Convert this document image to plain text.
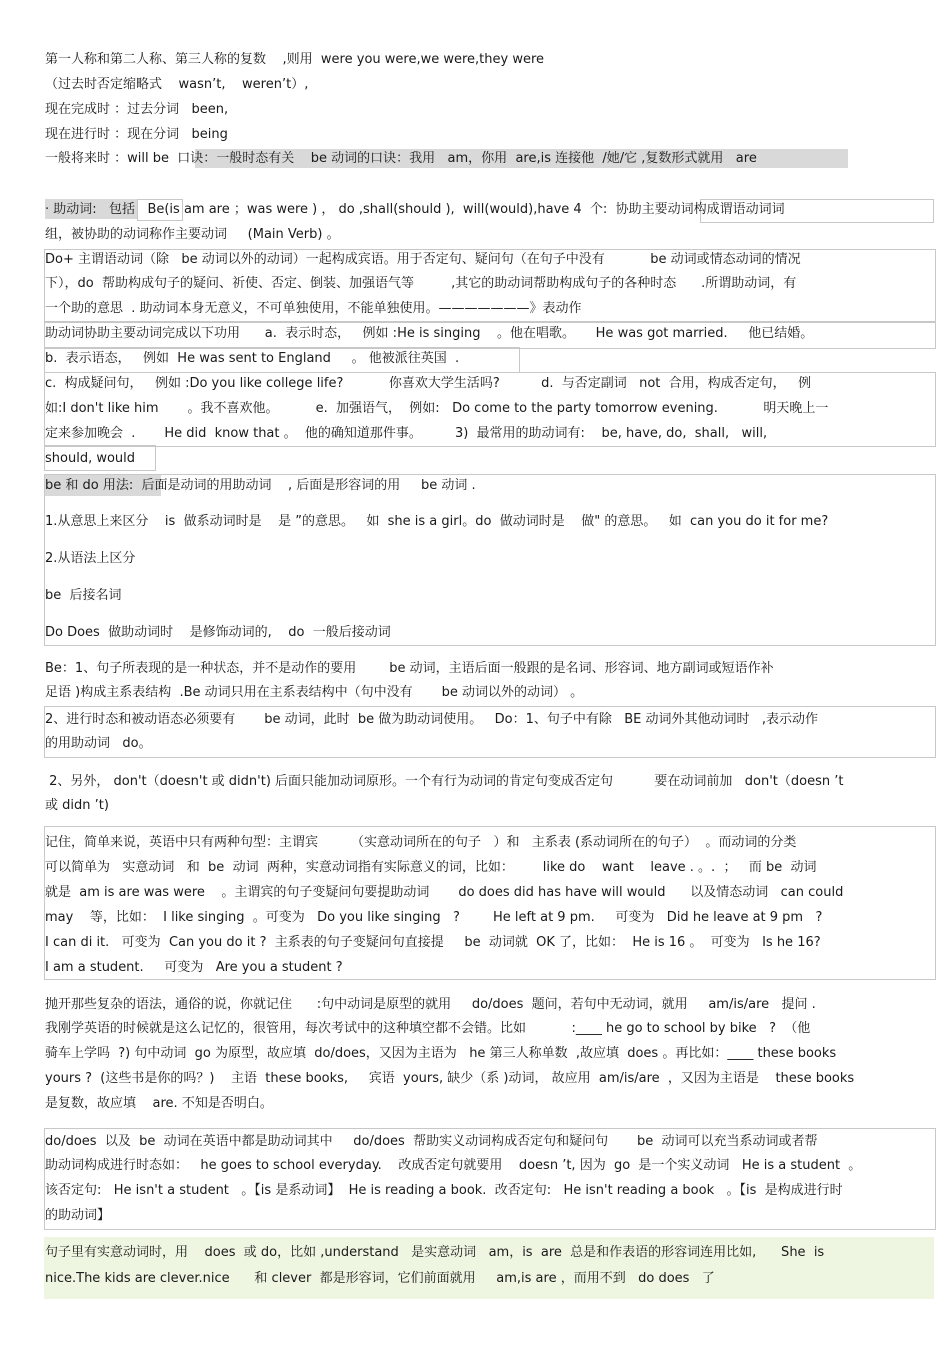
第一人称和第二人称、第三人称的复数    ,则用  were you were,we were,they were
（过去时否定缩略式    wasn’t,    weren’t）,
现在完成时 ：过去分词   been,
现在进行时 ：现在分词   being
一般将来时 ：will be  口诀：一般时态有关    be 动词的口诀：我用   am，你用  are,is 连接他  /她/它 ,复数形式就用   are
· 助动词:   包括   Be(is am are ；was were ) ， do ,shall(should ),  will(would),have 4  个:  协助主要动词构成谓语动词词
组，被协助的动词称作主要动词     (Main Verb) 。
Do+ 主谓语动词（除   be 动词以外的动词）一起构成宾语。用于否定句、疑问句（在句子中没有           be 动词或情态动词的情况
下），do  帮助构成句子的疑问、祈使、否定、倒装、加强语气等         ,其它的助动词帮助构成句子的各种时态      .所谓助动词，有
一个助的意思  . 助动词本身无意义，不可单独使用，不能单独使用。———————》表动作
助动词协助主要动词完成以下功用      a.  表示时态，   例如 :He is singing    。他在唱歌。     He was got married.     他已结婚。
b.  表示语态，   例如  He was sent to England     。 他被派往英国  .
c.  构成疑问句，   例如 :Do you like college life?           你喜欢大学生活吗?          d.  与否定副词   not  合用，构成否定句，   例
如:I don't like him       。我不喜欢他。         e.  加强语气，  例如:   Do come to the party tomorrow evening.           明天晚上一
定来参加晚会  .       He did  know that 。  他的确知道那件事。        3)  最常用的助动词有:    be, have, do,  shall,   will,
should, would
be 和 do 用法:  后面是动词的用助动词    , 后面是形容词的用     be 动词 .
1.从意思上来区分    is  做系动词时是    是 ”的意思。   如  she is a girl。do  做动词时是    做" 的意思。   如  can you do it for me?
2.从语法上区分
be  后接名词
Do Does  做助动词时    是修饰动词的,    do  一般后接动词
Be：1、句子所表现的是一种状态，并不是动作的要用        be 动词，主语后面一般跟的是名词、形容词、地方副词或短语作补
足语 )构成主系表结构  .Be 动词只用在主系表结构中（句中没有       be 动词以外的动词） 。
2、进行时态和被动语态必须要有       be 动词，此时  be 做为助动词使用。   Do：1、句子中有除   BE 动词外其他动词时   ,表示动作
的用助动词   do。
2、另外， don't（doesn't 或 didn't) 后面只能加动词原形。一个有行为动词的肯定句变成否定句          要在动词前加   don't（doesn ’t
或 didn ’t)
记住，简单来说，英语中只有两种句型：主谓宾        （实意动词所在的句子   ）和   主系表 (系动词所在的句子）  。而动词的分类
可以简单为   实意动词   和  be  动词  两种，实意动词指有实际意义的词，比如：       like do    want    leave . 。.  ；   而 be  动词
就是  am is are was were    。主谓宾的句子变疑问句要提助动词       do does did has have will would      以及情态动词   can could
may    等，比如：  I like singing  。可变为   Do you like singing   ?        He left at 9 pm.     可变为   Did he leave at 9 pm   ?
I can di it.   可变为  Can you do it ?  主系表的句子变疑问句直接提     be  动词就  OK 了，比如：  He is 16 。  可变为   Is he 16?
I am a student.     可变为   Are you a student ?
抛开那些复杂的语法，通俗的说，你就记住      :句中动词是原型的就用     do/does  题问，若句中无动词，就用     am/is/are   提问 .
我刚学英语的时候就是这么记忆的，很管用，每次考试中的这种填空都不会错。比如           :____ he go to school by bike   ?  （他
骑车上学吗  ?) 句中动词  go 为原型，故应填  do/does，又因为主语为   he 第三人称单数  ,故应填  does 。再比如：____ these books
yours ?  (这些书是你的吗？)    主语  these books,     宾语  yours, 缺少（系 )动词， 故应用  am/is/are  ，又因为主语是    these books
是复数，故应填    are. 不知是否明白。
do/does  以及  be  动词在英语中都是助动词其中     do/does  帮助实义动词构成否定句和疑问句       be  动词可以充当系动词或者帮
助动词构成进行时态如：   he goes to school everyday.    改成否定句就要用    doesn ’t, 因为  go  是一个实义动词   He is a student  。
该否定句:   He isn't a student   。【is 是系动词】  He is reading a book.  改否定句:   He isn't reading a book   。【is  是构成进行时
的助动词】
句子里有实意动词时，用    does  或 do，比如 ,understand   是实意动词   am，is  are  总是和作表语的形容词连用比如,      She  is
nice.The kids are clever.nice      和 clever  都是形容词，它们前面就用     am,is are ，而用不到   do does   了
